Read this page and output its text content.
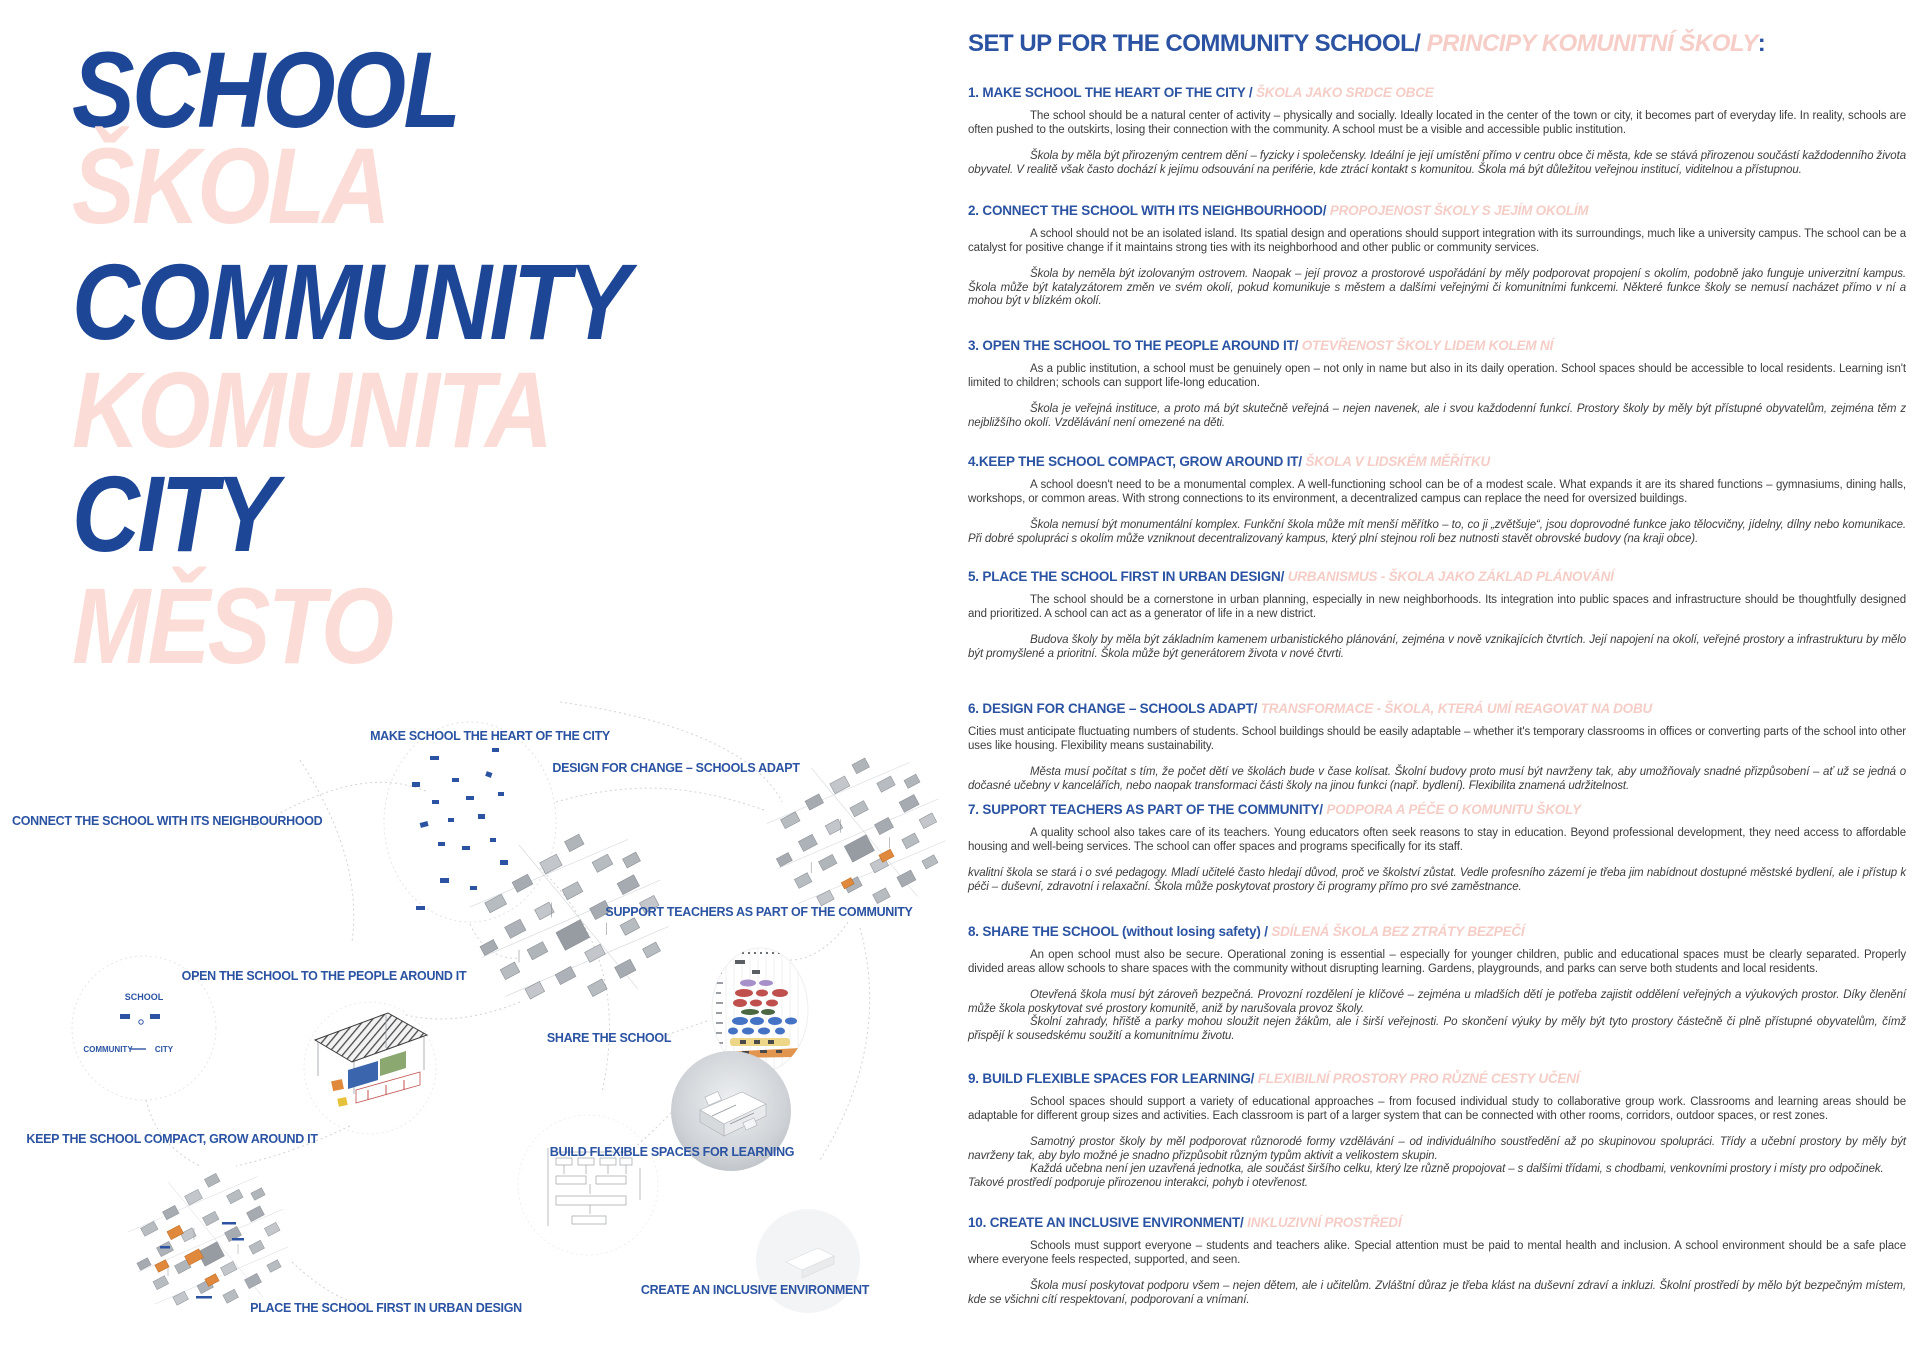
SCHOOL
ŠKOLA
COMMUNITY
KOMUNITA
CITY
MĚSTO
SCHOOL
COMMUNITY	CITY
MAKE SCHOOL THE HEART OF THE CITY
DESIGN FOR CHANGE – SCHOOLS ADAPT
CONNECT THE SCHOOL WITH ITS NEIGHBOURHOOD
SUPPORT TEACHERS AS PART OF THE COMMUNITY
OPEN THE SCHOOL TO THE PEOPLE AROUND IT
SHARE THE SCHOOL
KEEP THE SCHOOL COMPACT, GROW AROUND IT
BUILD FLEXIBLE SPACES FOR LEARNING
PLACE THE SCHOOL FIRST IN URBAN DESIGN
CREATE AN INCLUSIVE ENVIRONMENT
SET UP FOR THE COMMUNITY SCHOOL/ PRINCIPY KOMUNITNÍ ŠKOLY:
1. MAKE SCHOOL THE HEART OF THE CITY / ŠKOLA JAKO SRDCE OBCE

The school should be a natural center of activity – physically and socially. Ideally located in the center of the town or city, it becomes part of everyday life. In reality, schools are often pushed to the outskirts, losing their connection with the community. A school must be a visible and accessible public institution.

Škola by měla být přirozeným centrem dění – fyzicky i společensky. Ideální je její umístění přímo v centru obce či města, kde se stává přirozenou součástí každodenního života obyvatel. V realitě však často dochází k jejímu odsouvání na periférie, kde ztrácí kontakt s komunitou. Škola má být důležitou veřejnou institucí, viditelnou a přístupnou.

2. CONNECT THE SCHOOL WITH ITS NEIGHBOURHOOD/ PROPOJENOST ŠKOLY S JEJÍM OKOLÍM

A school should not be an isolated island. Its spatial design and operations should support integration with its surroundings, much like a university campus. The school can be a catalyst for positive change if it maintains strong ties with its neighborhood and other public or community services.

Škola by neměla být izolovaným ostrovem. Naopak – její provoz a prostorové uspořádání by měly podporovat propojení s okolím, podobně jako funguje univerzitní kampus. Škola může být katalyzátorem změn ve svém okolí, pokud komunikuje s městem a dalšími veřejnými či komunitními funkcemi. Některé funkce školy se nemusí nacházet přímo v ní a mohou být v blízkém okolí.

3. OPEN THE SCHOOL TO THE PEOPLE AROUND IT/ OTEVŘENOST ŠKOLY LIDEM KOLEM NÍ

As a public institution, a school must be genuinely open – not only in name but also in its daily operation. School spaces should be accessible to local residents. Learning isn't limited to children; schools can support life-long education.

Škola je veřejná instituce, a proto má být skutečně veřejná – nejen navenek, ale i svou každodenní funkcí. Prostory školy by měly být přístupné obyvatelům, zejména těm z nejbližšího okolí. Vzdělávání není omezené na děti.

4.KEEP THE SCHOOL COMPACT, GROW AROUND IT/ ŠKOLA V LIDSKÉM MĚŘÍTKU

A school doesn't need to be a monumental complex. A well-functioning school can be of a modest scale. What expands it are its shared functions – gymnasiums, dining halls, workshops, or common areas. With strong connections to its environment, a decentralized campus can replace the need for oversized buildings.

Škola nemusí být monumentální komplex. Funkční škola může mít menší měřítko – to, co ji „zvětšuje“, jsou doprovodné funkce jako tělocvičny, jídelny, dílny nebo komunikace. Při dobré spolupráci s okolím může vzniknout decentralizovaný kampus, který plní stejnou roli bez nutnosti stavět obrovské budovy (na kraji obce).

5. PLACE THE SCHOOL FIRST IN URBAN DESIGN/ URBANISMUS - ŠKOLA JAKO ZÁKLAD PLÁNOVÁNÍ

The school should be a cornerstone in urban planning, especially in new neighborhoods. Its integration into public spaces and infrastructure should be thoughtfully designed and prioritized. A school can act as a generator of life in a new district.

Budova školy by měla být základním kamenem urbanistického plánování, zejména v nově vznikajících čtvrtích. Její napojení na okolí, veřejné prostory a infrastrukturu by mělo být promyšlené a prioritní. Škola může být generátorem života v nové čtvrti.

6. DESIGN FOR CHANGE – SCHOOLS ADAPT/ TRANSFORMACE - ŠKOLA, KTERÁ UMÍ REAGOVAT NA DOBU

Cities must anticipate fluctuating numbers of students. School buildings should be easily adaptable – whether it's temporary classrooms in offices or converting parts of the school into other uses like housing. Flexibility means sustainability.

Města musí počítat s tím, že počet dětí ve školách bude v čase kolísat. Školní budovy proto musí být navrženy tak, aby umožňovaly snadné přizpůsobení – ať už se jedná o dočasné učebny v kancelářích, nebo naopak transformaci části školy na jinou funkci (např. bydlení). Flexibilita znamená udržitelnost.

7. SUPPORT TEACHERS AS PART OF THE COMMUNITY/ PODPORA A PÉČE O KOMUNITU ŠKOLY

A quality school also takes care of its teachers. Young educators often seek reasons to stay in education. Beyond professional development, they need access to affordable housing and well-being services. The school can offer spaces and programs specifically for its staff.

kvalitní škola se stará i o své pedagogy. Mladí učitelé často hledají důvod, proč ve školství zůstat. Vedle profesního zázemí je třeba jim nabídnout dostupné městské bydlení, ale i přístup k péči – duševní, zdravotní i relaxační. Škola může poskytovat prostory či programy přímo pro své zaměstnance.

8. SHARE THE SCHOOL (without losing safety) / SDÍLENÁ ŠKOLA BEZ ZTRÁTY BEZPEČÍ

An open school must also be secure. Operational zoning is essential – especially for younger children, public and educational spaces must be clearly separated. Properly divided areas allow schools to share spaces with the community without disrupting learning. Gardens, playgrounds, and parks can serve both students and local residents.

Otevřená škola musí být zároveň bezpečná. Provozní rozdělení je klíčové – zejména u mladších dětí je potřeba zajistit oddělení veřejných a výukových prostor. Díky členění může škola poskytovat své prostory komunitě, aniž by narušovala provoz školy.

Školní zahrady, hřiště a parky mohou sloužit nejen žákům, ale i širší veřejnosti. Po skončení výuky by měly být tyto prostory částečně či plně přístupné obyvatelům, čímž přispějí k sousedskému soužití a komunitnímu životu.

9. BUILD FLEXIBLE SPACES FOR LEARNING/ FLEXIBILNÍ PROSTORY PRO RŮZNÉ CESTY UČENÍ

School spaces should support a variety of educational approaches – from focused individual study to collaborative group work. Classrooms and learning areas should be adaptable for different group sizes and activities. Each classroom is part of a larger system that can be connected with other rooms, corridors, outdoor spaces, or rest zones.

Samotný prostor školy by měl podporovat různorodé formy vzdělávání – od individuálního soustředění až po skupinovou spolupráci. Třídy a učební prostory by měly být navrženy tak, aby bylo možné je snadno přizpůsobit různým typům aktivit a velikostem skupin.

Každá učebna není jen uzavřená jednotka, ale součást širšího celku, který lze různě propojovat – s dalšími třídami, s chodbami, venkovními prostory i místy pro odpočinek.

Takové prostředí podporuje přirozenou interakci, pohyb i otevřenost.

10. CREATE AN INCLUSIVE ENVIRONMENT/ INKLUZIVNÍ PROSTŘEDÍ

Schools must support everyone – students and teachers alike. Special attention must be paid to mental health and inclusion. A school environment should be a safe place where everyone feels respected, supported, and seen.

Škola musí poskytovat podporu všem – nejen dětem, ale i učitelům. Zvláštní důraz je třeba klást na duševní zdraví a inkluzi. Školní prostředí by mělo být bezpečným místem, kde se všichni cítí respektovaní, podporovaní a vnímaní.
